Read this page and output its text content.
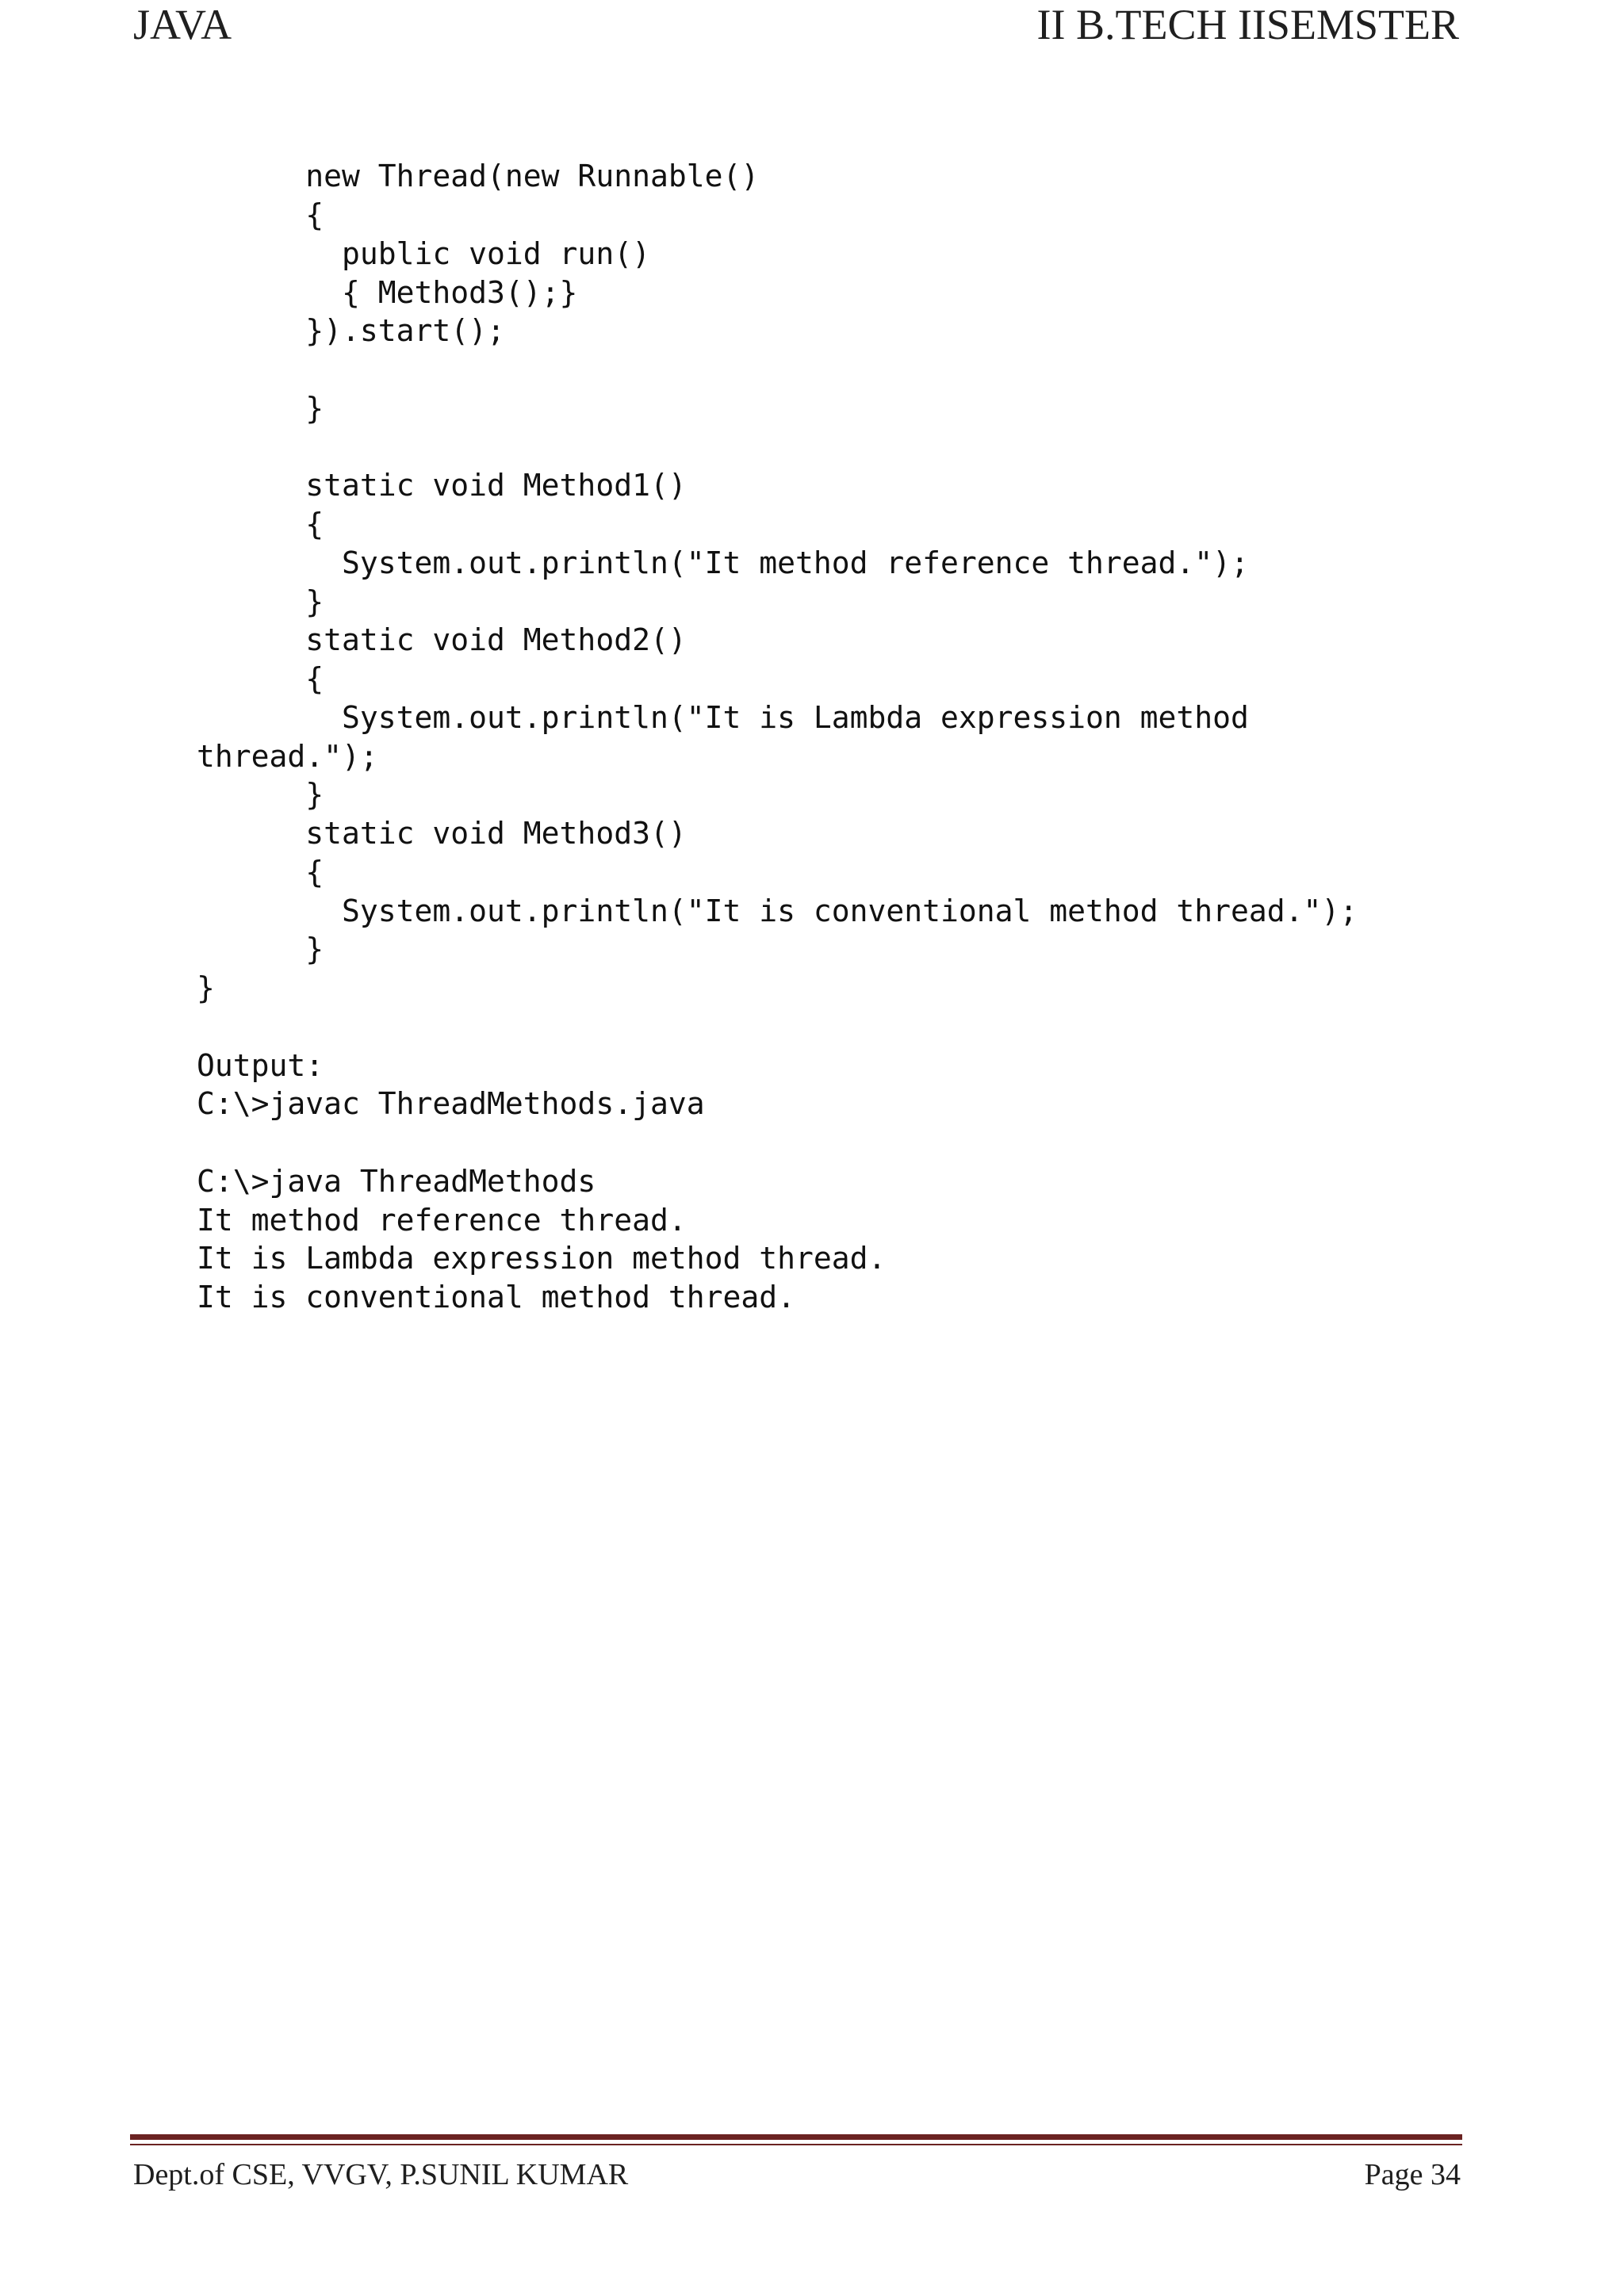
JAVA	II B.TECH IISEMSTER
new Thread(new Runnable()
{
public void run()
{ Method3();}
}).start();
}
static void Method1()
{
System.out.println("It method reference thread.");
}
static void Method2()
{
System.out.println("It is Lambda expression method
thread.");
}
static void Method3()
{
System.out.println("It is conventional method thread.");
}
}
Output:
C:\>javac ThreadMethods.java
C:\>java ThreadMethods
It method reference thread.
It is Lambda expression method thread.
It is conventional method thread.
Dept.of CSE, VVGV, P.SUNIL KUMAR	Page 34
